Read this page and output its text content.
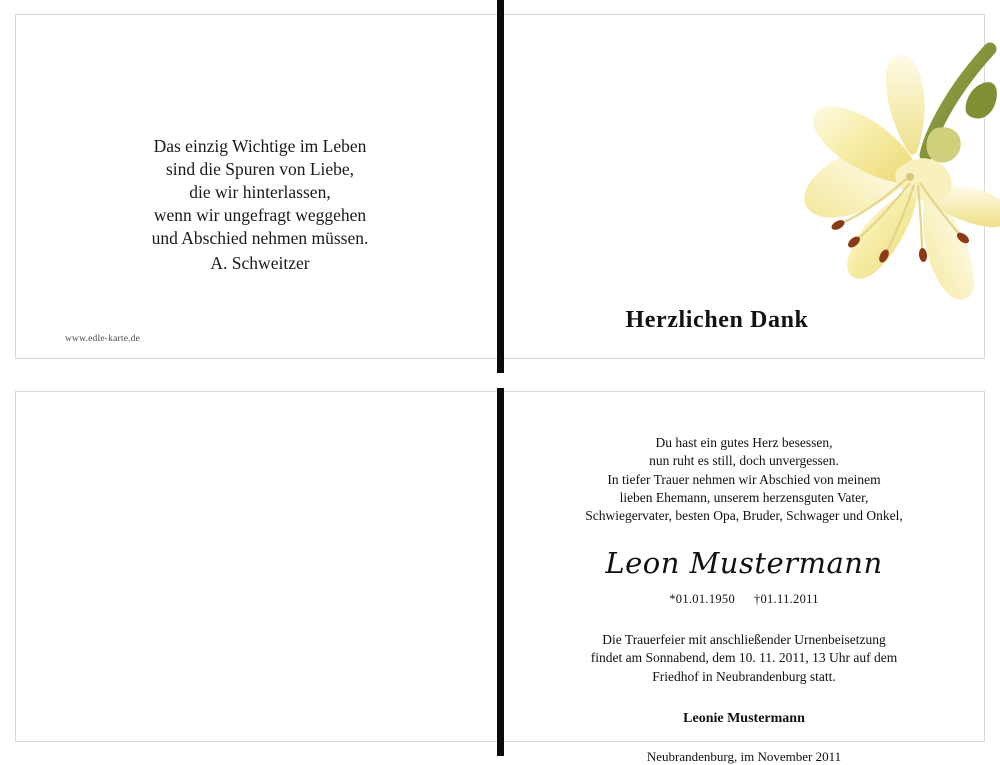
Das einzig Wichtige im Leben
sind die Spuren von Liebe,
die wir hinterlassen,
wenn wir ungefragt weggehen
und Abschied nehmen müssen.
A. Schweitzer
www.edle-karte.de
Herzlichen Dank
Du hast ein gutes Herz besessen,
nun ruht es still, doch unvergessen.
In tiefer Trauer nehmen wir Abschied von meinem
lieben Ehemann, unserem herzensguten Vater,
Schwiegervater, besten Opa, Bruder, Schwager und Onkel,
Leon Mustermann
*01.01.1950 †01.11.2011
Die Trauerfeier mit anschließender Urnenbeisetzung
findet am Sonnabend, dem 10. 11. 2011, 13 Uhr auf dem
Friedhof in Neubrandenburg statt.
Leonie Mustermann
Neubrandenburg, im November 2011
